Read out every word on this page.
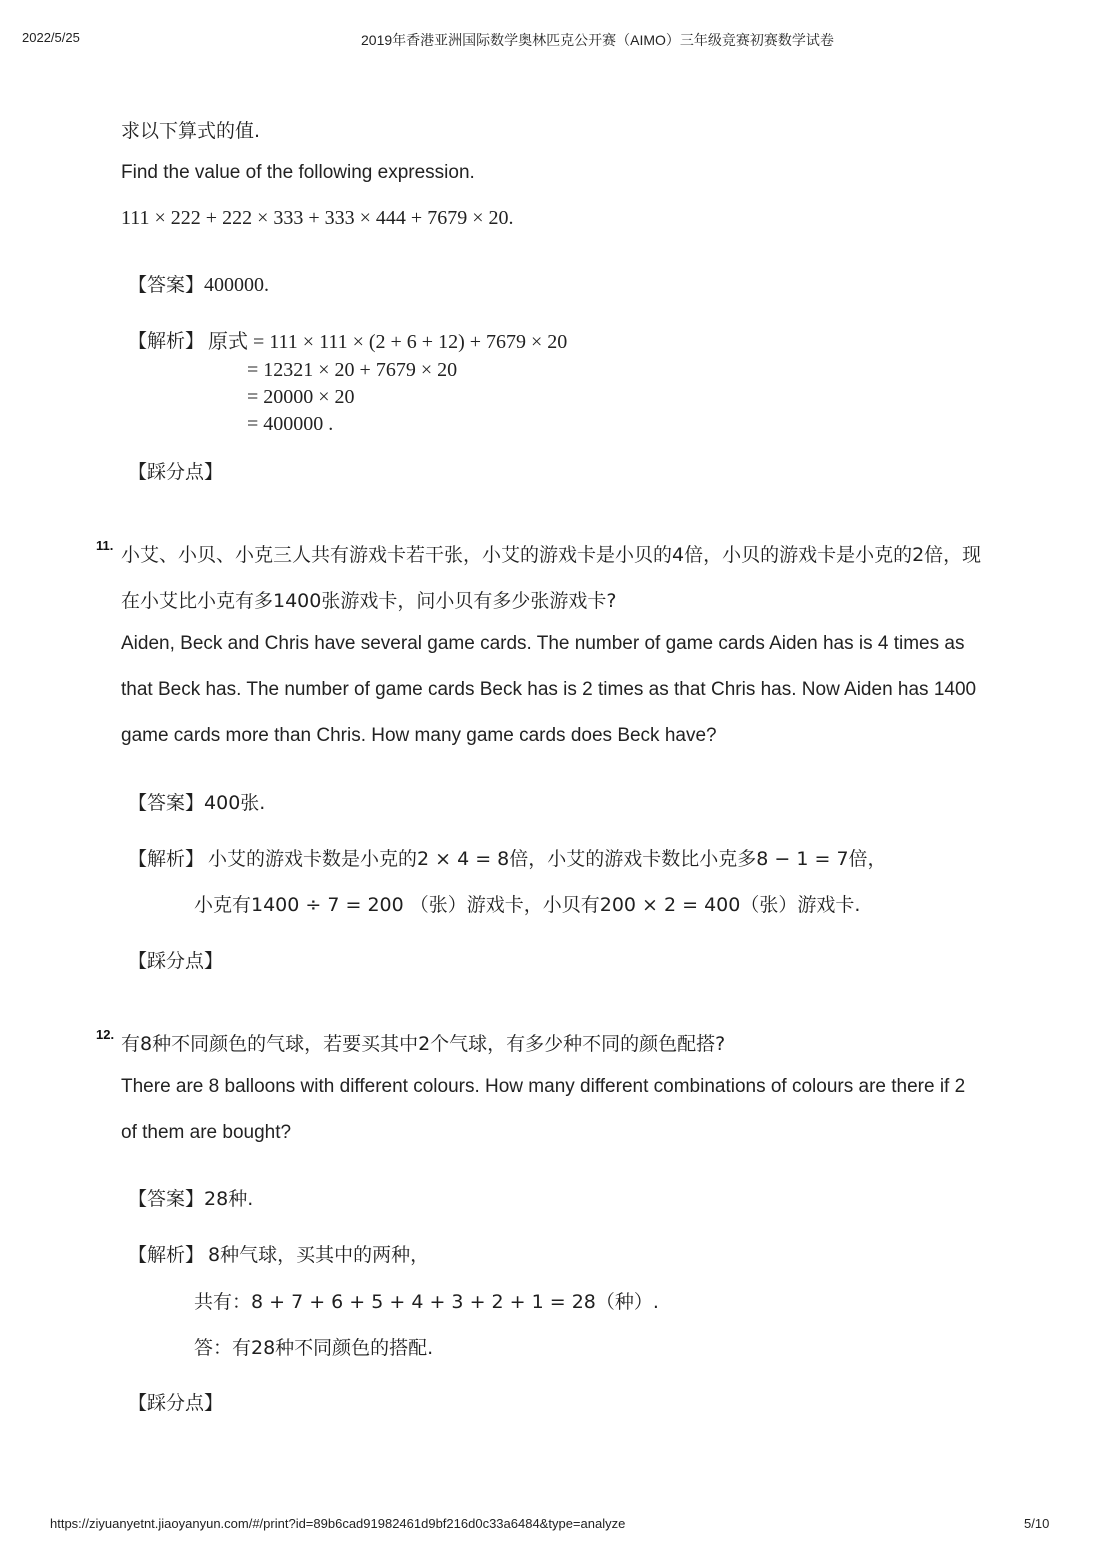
2022/5/25	2019年香港亚洲国际数学奥林匹克公开赛（AIMO）三年级竞赛初赛数学试卷
求以下算式的值.
Find the value of the following expression.
111 × 222 + 222 × 333 + 333 × 444 + 7679 × 20.
【答案】400000.
【解析】 原式 = 111 × 111 × (2 + 6 + 12) + 7679 × 20
= 12321 × 20 + 7679 × 20
= 20000 × 20
= 400000 .
【踩分点】
11. 小艾、小贝、小克三人共有游戏卡若干张，小艾的游戏卡是小贝的4倍，小贝的游戏卡是小克的2倍，现
在小艾比小克有多1400张游戏卡，问小贝有多少张游戏卡?
Aiden, Beck and Chris have several game cards. The number of game cards Aiden has is 4 times as
that Beck has. The number of game cards Beck has is 2 times as that Chris has. Now Aiden has 1400
game cards more than Chris. How many game cards does Beck have?
【答案】400张.
【解析】 小艾的游戏卡数是小克的2 × 4 = 8倍，小艾的游戏卡数比小克多8 − 1 = 7倍，
小克有1400 ÷ 7 = 200 （张）游戏卡，小贝有200 × 2 = 400（张）游戏卡.
【踩分点】
12. 有8种不同颜色的气球，若要买其中2个气球，有多少种不同的颜色配搭?
There are 8 balloons with different colours. How many different combinations of colours are there if 2
of them are bought?
【答案】28种.
【解析】 8种气球，买其中的两种，
共有：8 + 7 + 6 + 5 + 4 + 3 + 2 + 1 = 28（种）.
答：有28种不同颜色的搭配.
【踩分点】
https://ziyuanyetnt.jiaoyanyun.com/#/print?id=89b6cad91982461d9bf216d0c33a6484&type=analyze	5/10
